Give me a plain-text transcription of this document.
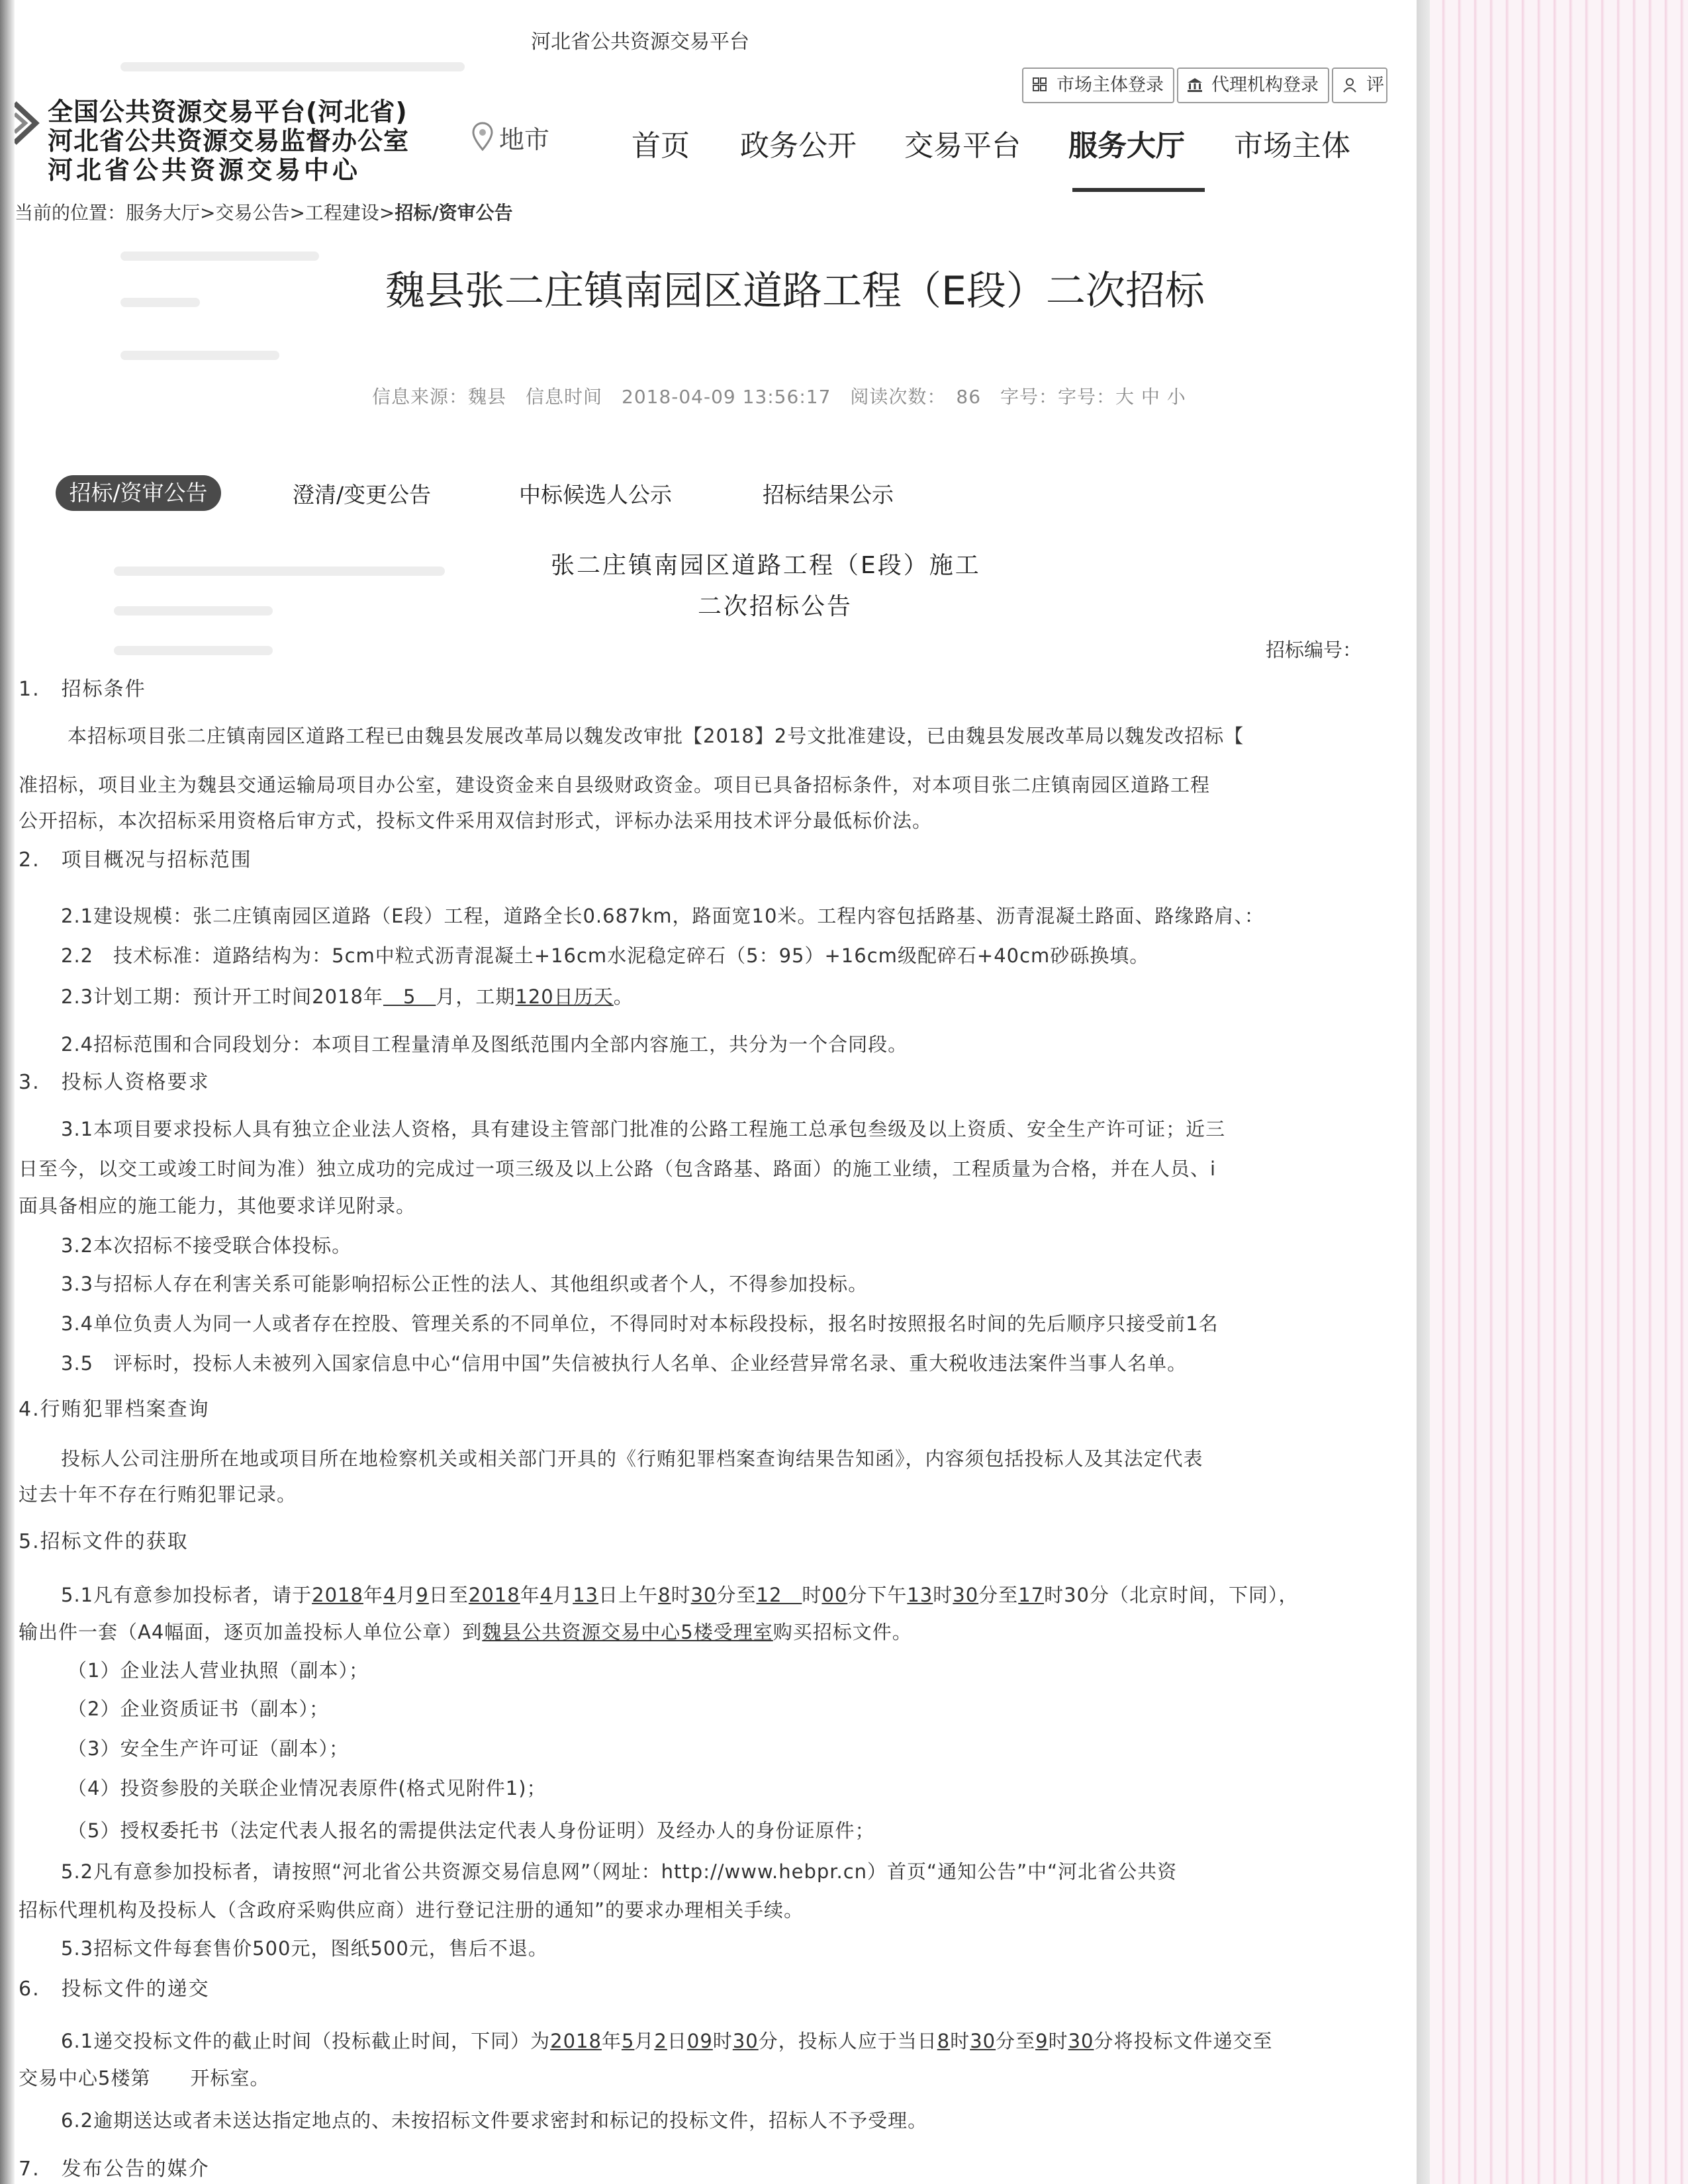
河北省公共资源交易平台
市场主体登录	代理机构登录	评
全国公共资源交易平台(河北省)
河北省公共资源交易监督办公室
河北省公共资源交易中心
地市	首页 政务公开 交易平台 服务大厅 市场主体
当前的位置：服务大厅>交易公告>工程建设>招标/资审公告
魏县张二庄镇南园区道路工程（E段）二次招标
信息来源：魏县　信息时间　2018-04-09 13:56:17　阅读次数：　86　字号：字号：大 中 小
招标/资审公告	澄清/变更公告	中标候选人公示	招标结果公示
张二庄镇南园区道路工程（E段）施工
二次招标公告
招标编号：
1.　招标条件
本招标项目张二庄镇南园区道路工程已由魏县发展改革局以魏发改审批【2018】2号文批准建设，已由魏县发展改革局以魏发改招标【
准招标，项目业主为魏县交通运输局项目办公室，建设资金来自县级财政资金。项目已具备招标条件，对本项目张二庄镇南园区道路工程
公开招标，本次招标采用资格后审方式，投标文件采用双信封形式，评标办法采用技术评分最低标价法。
2.　项目概况与招标范围
2.1建设规模：张二庄镇南园区道路（E段）工程，道路全长0.687km，路面宽10米。工程内容包括路基、沥青混凝土路面、路缘路肩、：
2.2　技术标准：道路结构为：5cm中粒式沥青混凝土+16cm水泥稳定碎石（5：95）+16cm级配碎石+40cm砂砾换填。
2.3计划工期：预计开工时间2018年　5　月，工期120日历天。
2.4招标范围和合同段划分：本项目工程量清单及图纸范围内全部内容施工，共分为一个合同段。
3.　投标人资格要求
3.1本项目要求投标人具有独立企业法人资格，具有建设主管部门批准的公路工程施工总承包叁级及以上资质、安全生产许可证；近三
日至今，以交工或竣工时间为准）独立成功的完成过一项三级及以上公路（包含路基、路面）的施工业绩，工程质量为合格，并在人员、i
面具备相应的施工能力，其他要求详见附录。
3.2本次招标不接受联合体投标。
3.3与招标人存在利害关系可能影响招标公正性的法人、其他组织或者个人，不得参加投标。
3.4单位负责人为同一人或者存在控股、管理关系的不同单位，不得同时对本标段投标，报名时按照报名时间的先后顺序只接受前1名
3.5　评标时，投标人未被列入国家信息中心“信用中国”失信被执行人名单、企业经营异常名录、重大税收违法案件当事人名单。
4.行贿犯罪档案查询
投标人公司注册所在地或项目所在地检察机关或相关部门开具的《行贿犯罪档案查询结果告知函》，内容须包括投标人及其法定代表
过去十年不存在行贿犯罪记录。
5.招标文件的获取
5.1凡有意参加投标者，请于2018年4月9日至2018年4月13日上午8时30分至12　时00分下午13时30分至17时30分（北京时间，下同），
输出件一套（A4幅面，逐页加盖投标人单位公章）到魏县公共资源交易中心5楼受理室购买招标文件。
（1）企业法人营业执照（副本）；
（2）企业资质证书（副本）；
（3）安全生产许可证（副本）；
（4）投资参股的关联企业情况表原件(格式见附件1)；
（5）授权委托书（法定代表人报名的需提供法定代表人身份证明）及经办人的身份证原件；
5.2凡有意参加投标者，请按照“河北省公共资源交易信息网”（网址：http://www.hebpr.cn）首页“通知公告”中“河北省公共资
招标代理机构及投标人（含政府采购供应商）进行登记注册的通知”的要求办理相关手续。
5.3招标文件每套售价500元，图纸500元，售后不退。
6.　投标文件的递交
6.1递交投标文件的截止时间（投标截止时间，下同）为2018年5月2日09时30分，投标人应于当日8时30分至9时30分将投标文件递交至
交易中心5楼第　　开标室。
6.2逾期送达或者未送达指定地点的、未按招标文件要求密封和标记的投标文件，招标人不予受理。
7.　发布公告的媒介
